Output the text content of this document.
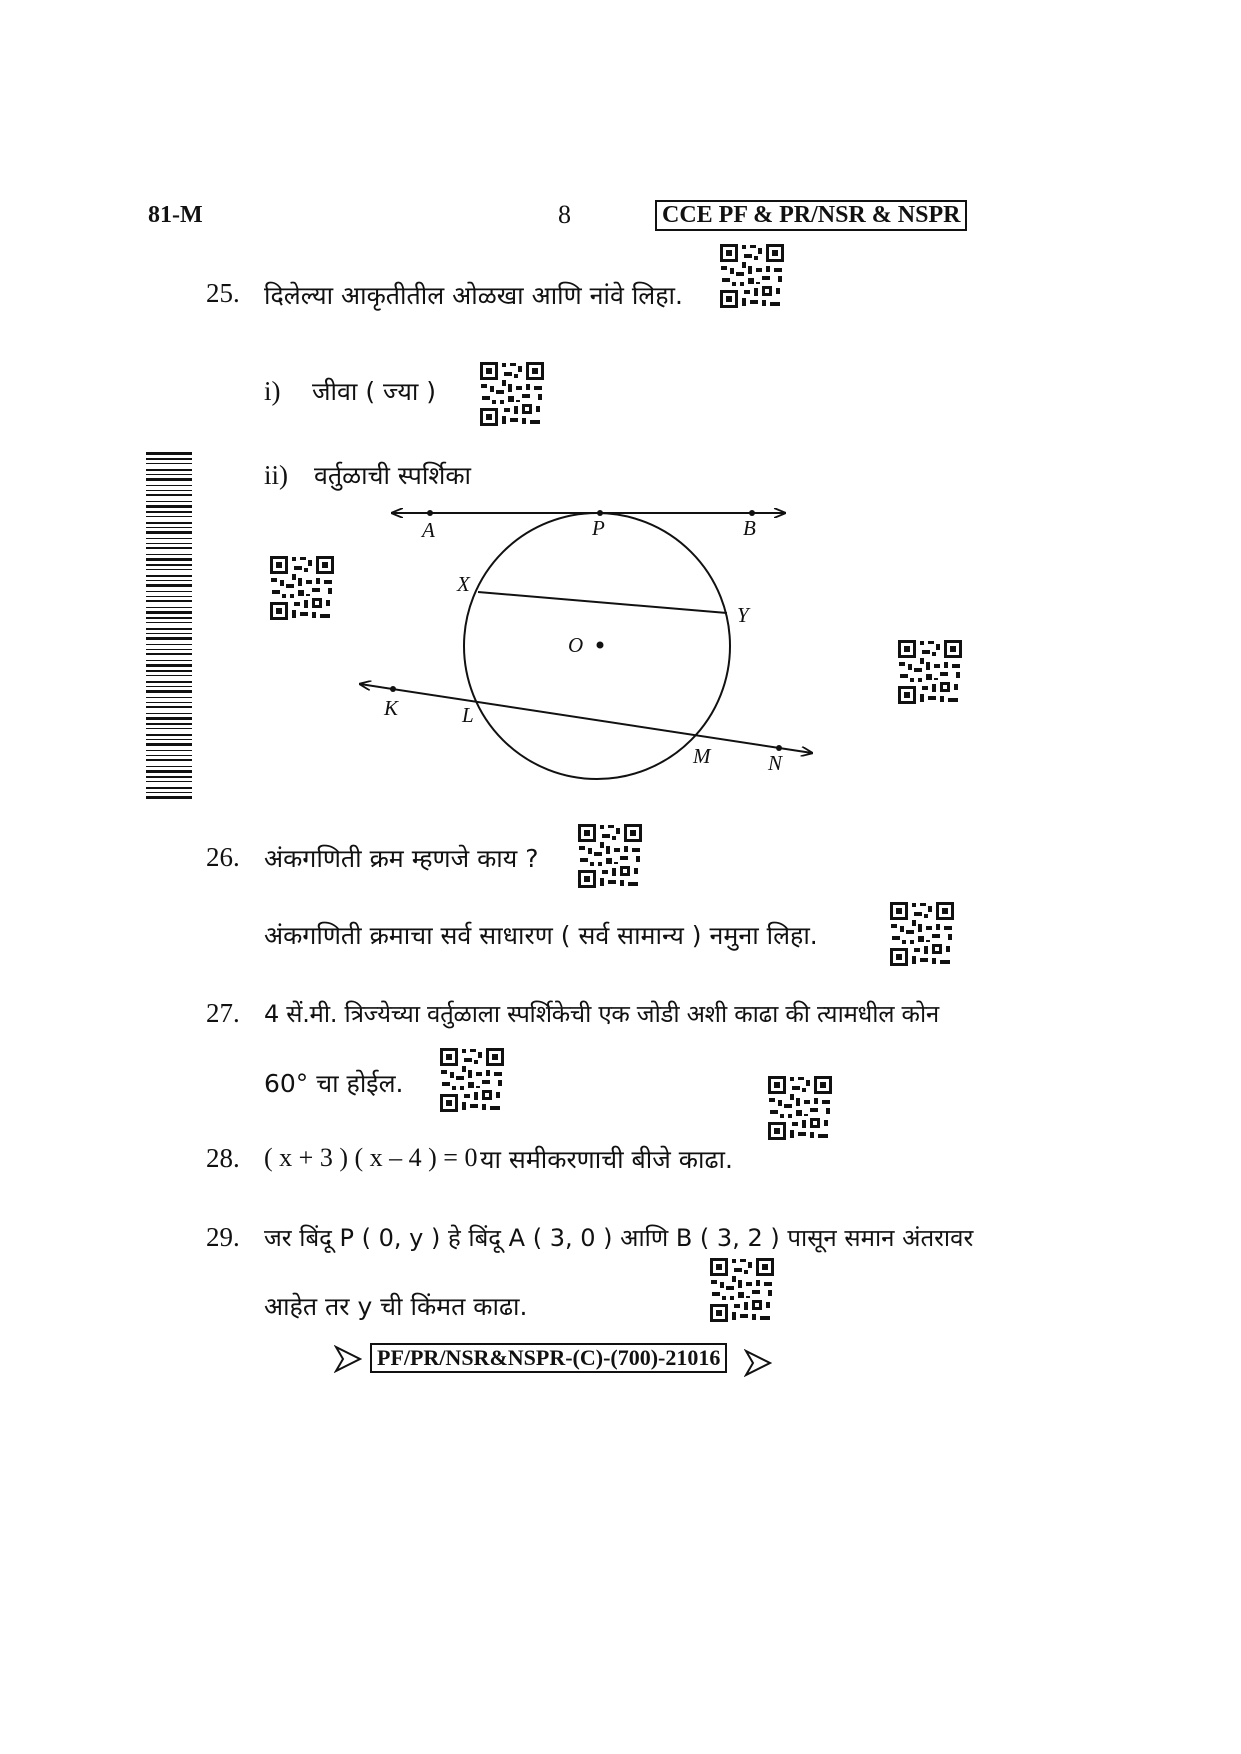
81-M	8	CCE PF & PR/NSR & NSPR
25. दिलेल्या आकृतीतील ओळखा आणि नांवे लिहा.
i) जीवा ( ज्या )
ii) वर्तुळाची स्पर्शिका
A	P	B
X
Y
O
K	L
M	N
26. अंकगणिती क्रम म्हणजे काय ?
अंकगणिती क्रमाचा सर्व साधारण ( सर्व सामान्य ) नमुना लिहा.
27. 4 सें.मी. त्रिज्येच्या वर्तुळाला स्पर्शिकेची एक जोडी अशी काढा की त्यामधील कोन
60° चा होईल.
28. ( x + 3 ) ( x – 4 ) = 0 या समीकरणाची बीजे काढा.
29. जर बिंदू P ( 0, y ) हे बिंदू A ( 3, 0 ) आणि B ( 3, 2 ) पासून समान अंतरावर
आहेत तर y ची किंमत काढा.
PF/PR/NSR&NSPR-(C)-(700)-21016
